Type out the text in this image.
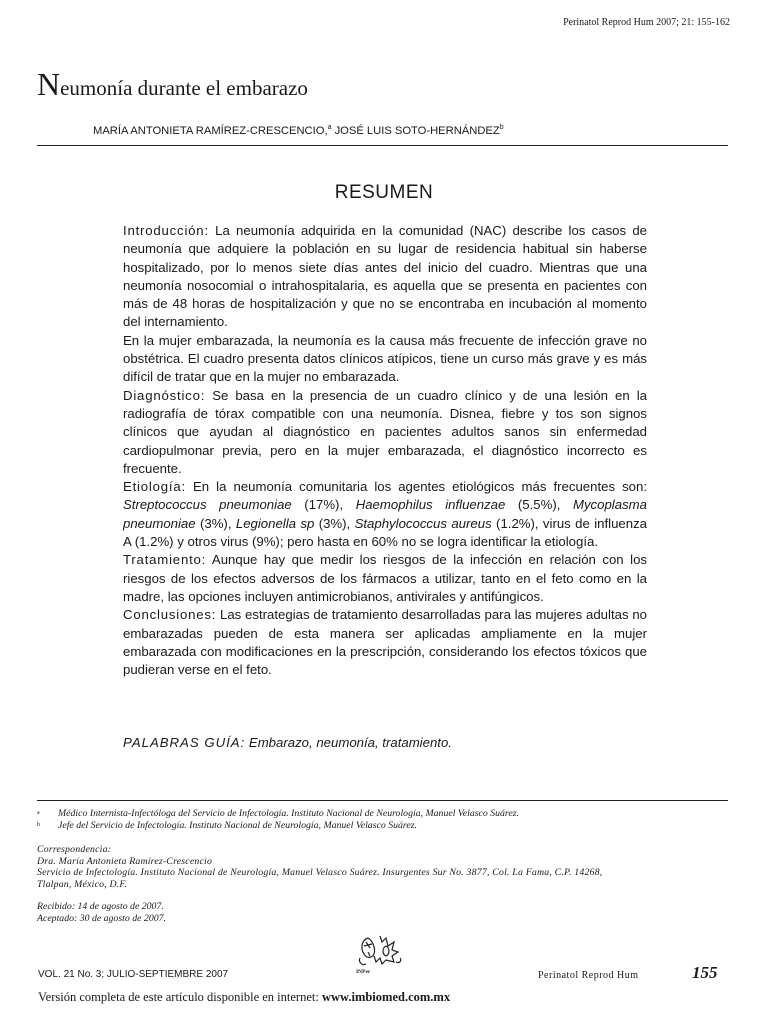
Perinatol Reprod Hum 2007; 21: 155-162
Neumonía durante el embarazo
MARÍA ANTONIETA RAMÍREZ-CRESCENCIO,$^a$ JOSÉ LUIS SOTO-HERNÁNDEZ$^b$
RESUMEN

Introducción: La neumonía adquirida en la comunidad (NAC) describe los casos de neumonía que adquiere la población en su lugar de residencia habitual sin haberse hospitalizado, por lo menos siete días antes del inicio del cuadro. Mientras que una neumonía nosocomial o intrahospitalaria, es aquella que se presenta en pacientes con más de 48 horas de hospitalización y que no se encontraba en incubación al momento del internamiento.

En la mujer embarazada, la neumonía es la causa más frecuente de infección grave no obstétrica. El cuadro presenta datos clínicos atípicos, tiene un curso más grave y es más difícil de tratar que en la mujer no embarazada.

Diagnóstico: Se basa en la presencia de un cuadro clínico y de una lesión en la radiografía de tórax compatible con una neumonía. Disnea, fiebre y tos son signos clínicos que ayudan al diagnóstico en pacientes adultos sanos sin enfermedad cardiopulmonar previa, pero en la mujer embarazada, el diagnóstico incorrecto es frecuente.

Etiología: En la neumonía comunitaria los agentes etiológicos más frecuentes son: Streptococcus pneumoniae (17%), Haemophilus influenzae (5.5%), Mycoplasma pneumoniae (3%), Legionella sp (3%), Staphylococcus aureus (1.2%), virus de influenza A (1.2%) y otros virus (9%); pero hasta en 60% no se logra identificar la etiología.

Tratamiento: Aunque hay que medir los riesgos de la infección en relación con los riesgos de los efectos adversos de los fármacos a utilizar, tanto en el feto como en la madre, las opciones incluyen antimicrobianos, antivirales y antifúngicos.

Conclusiones: Las estrategias de tratamiento desarrolladas para las mujeres adultas no embarazadas pueden de esta manera ser aplicadas ampliamente en la mujer embarazada con modificaciones en la prescripción, considerando los efectos tóxicos que pudieran verse en el feto.

PALABRAS GUÍA: Embarazo, neumonía, tratamiento.
a	Médico Internista-Infectóloga del Servicio de Infectología. Instituto Nacional de Neurología, Manuel Velasco Suárez.
b	Jefe del Servicio de Infectología. Instituto Nacional de Neurología, Manuel Velasco Suárez.
Correspondencia:
Dra. María Antonieta Ramírez-Crescencio
Servicio de Infectología. Instituto Nacional de Neurología, Manuel Velasco Suárez. Insurgentes Sur No. 3877, Col. La Fama, C.P. 14268,
Tlalpan, México, D.F.
Recibido: 14 de agosto de 2007.
Aceptado: 30 de agosto de 2007.
INPer
VOL. 21 No. 3; JULIO-SEPTIEMBRE 2007	Perinatol Reprod Hum	155
Versión completa de este artículo disponible en internet: www.imbiomed.com.mx
